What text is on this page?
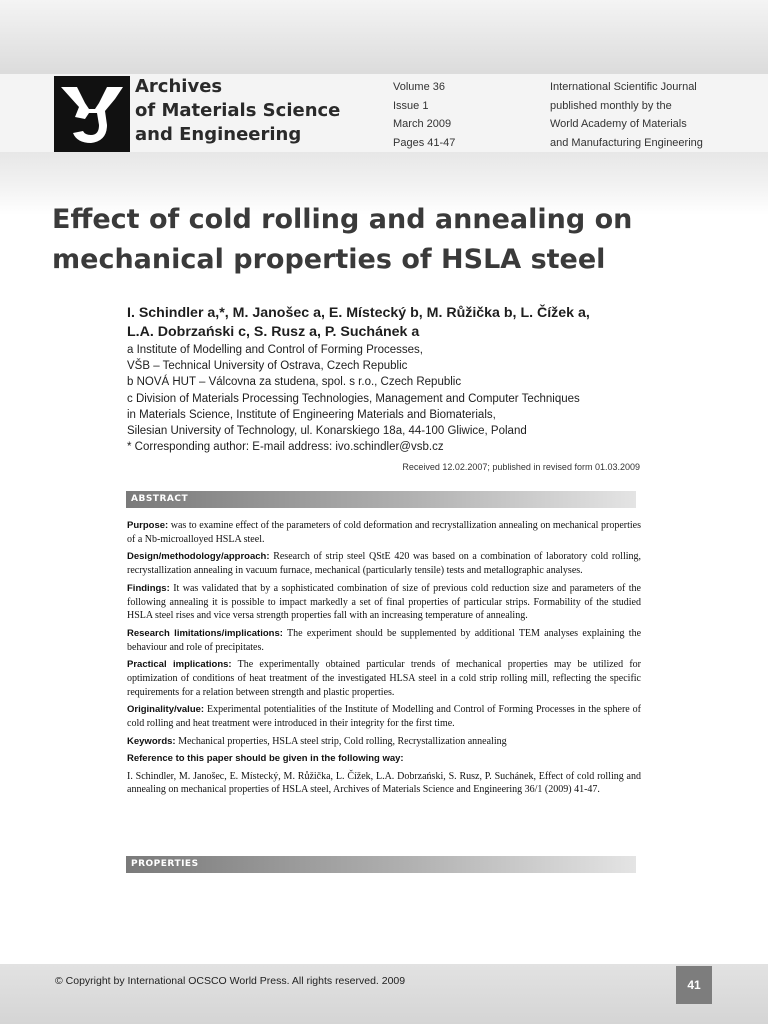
Archives
of Materials Science
and Engineering
Volume 36
Issue 1
March 2009
Pages 41-47
International Scientific Journal
published monthly by the
World Academy of Materials
and Manufacturing Engineering
Effect of cold rolling and annealing on
mechanical properties of HSLA steel
I. Schindler a,*, M. Janošec a, E. Místecký b, M. Růžička b, L. Čížek a,
L.A. Dobrzański c, S. Rusz a, P. Suchánek a
a Institute of Modelling and Control of Forming Processes,
VŠB – Technical University of Ostrava, Czech Republic
b NOVÁ HUT – Válcovna za studena, spol. s r.o., Czech Republic
c Division of Materials Processing Technologies, Management and Computer Techniques
in Materials Science, Institute of Engineering Materials and Biomaterials,
Silesian University of Technology, ul. Konarskiego 18a, 44-100 Gliwice, Poland
* Corresponding author: E-mail address: ivo.schindler@vsb.cz
Received 12.02.2007; published in revised form 01.03.2009
ABSTRACT

Purpose: was to examine effect of the parameters of cold deformation and recrystallization annealing on mechanical properties of a Nb-microalloyed HSLA steel.

Design/methodology/approach: Research of strip steel QStE 420 was based on a combination of laboratory cold rolling, recrystallization annealing in vacuum furnace, mechanical (particularly tensile) tests and metallographic analyses.

Findings: It was validated that by a sophisticated combination of size of previous cold reduction size and parameters of the following annealing it is possible to impact markedly a set of final properties of particular strips. Formability of the studied HSLA steel rises and vice versa strength properties fall with an increasing temperature of annealing.

Research limitations/implications: The experiment should be supplemented by additional TEM analyses explaining the behaviour and role of precipitates.

Practical implications: The experimentally obtained particular trends of mechanical properties may be utilized for optimization of conditions of heat treatment of the investigated HLSA steel in a cold strip rolling mill, reflecting the specific requirements for a relation between strength and plastic properties.

Originality/value: Experimental potentialities of the Institute of Modelling and Control of Forming Processes in the sphere of cold rolling and heat treatment were introduced in their integrity for the first time.

Keywords: Mechanical properties, HSLA steel strip, Cold rolling, Recrystallization annealing

Reference to this paper should be given in the following way:

I. Schindler, M. Janošec, E. Místecký, M. Růžička, L. Čížek, L.A. Dobrzański, S. Rusz, P. Suchánek, Effect of cold rolling and annealing on mechanical properties of HSLA steel, Archives of Materials Science and Engineering 36/1 (2009) 41-47.

PROPERTIES
© Copyright by International OCSCO World Press. All rights reserved. 2009	41
